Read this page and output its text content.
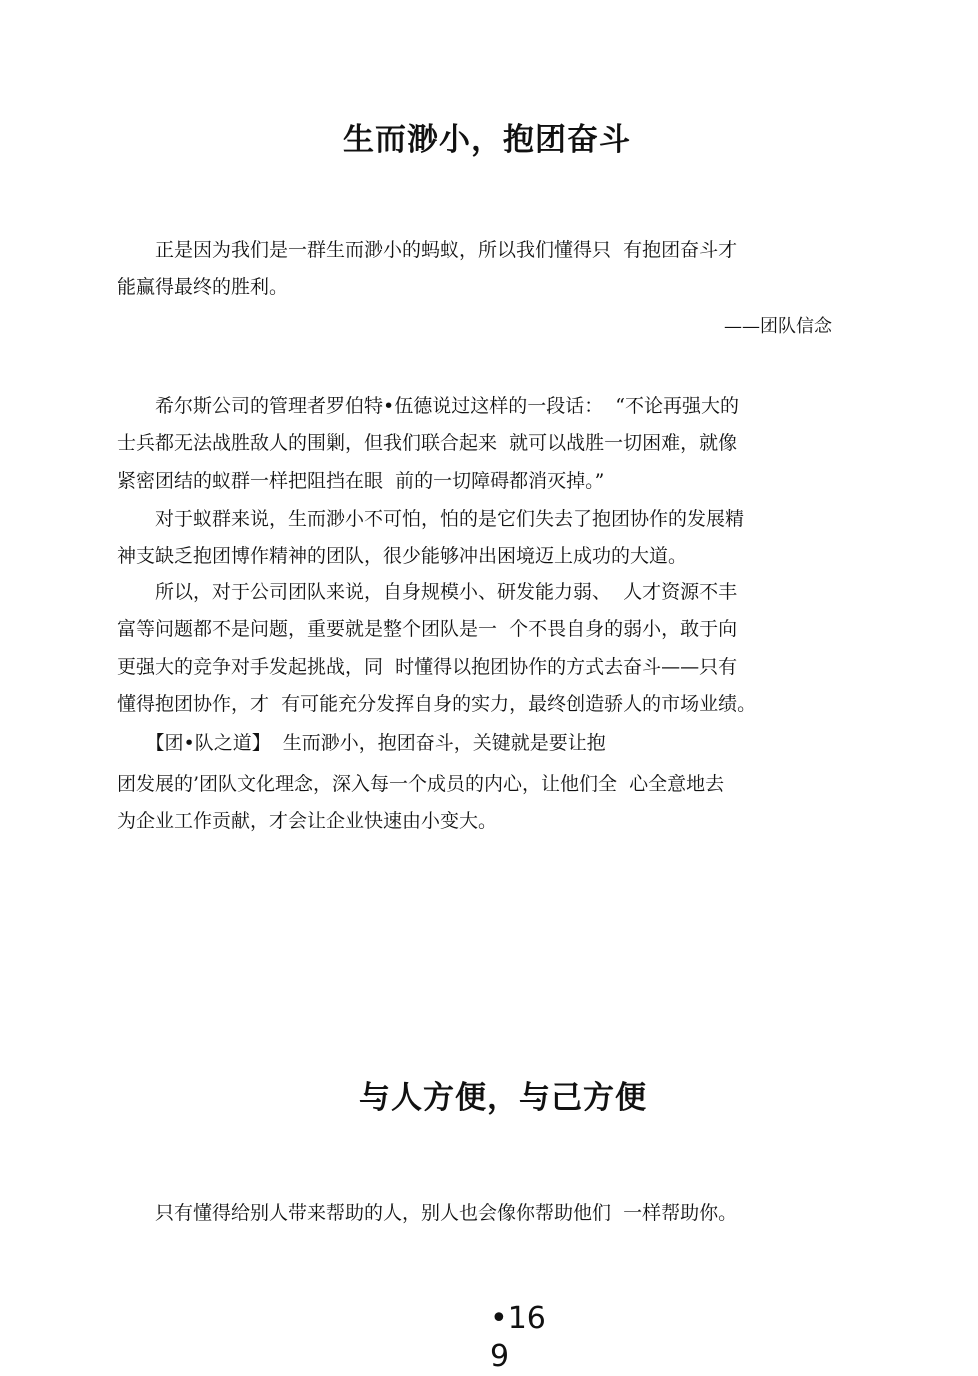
生而渺小，抱团奋斗

　　正是因为我们是一群生而渺小的蚂蚁，所以我们懂得只  有抱团奋斗才

能赢得最终的胜利。

——团队信念

　　希尔斯公司的管理者罗伯特•伍德说过这样的一段话：  “不论再强大的

士兵都无法战胜敌人的围剿，但我们联合起来  就可以战胜一切困难，就像

紧密团结的蚁群一样把阻挡在眼  前的一切障碍都消灭掉。”

　　对于蚁群来说，生而渺小不可怕，怕的是它们失去了抱团协作的发展精

神支缺乏抱团博作精神的团队，很少能够冲出困境迈上成功的大道。

　　所以，对于公司团队来说，自身规模小、研发能力弱、  人才资源不丰

富等问题都不是问题，重要就是整个团队是一  个不畏自身的弱小，敢于向

更强大的竞争对手发起挑战，同  时懂得以抱团协作的方式去奋斗——只有

懂得抱团协作，才  有可能充分发挥自身的实力，最终创造骄人的市场业绩。

　　【团•队之道】  生而渺小，抱团奋斗，关键就是要让抱

团发展的’团队文化理念，深入每一个成员的内心，让他们全  心全意地去

为企业工作贡献，才会让企业快速由小变大。

与人方便，与己方便

　　只有懂得给别人带来帮助的人，别人也会像你帮助他们  一样帮助你。

•16 9
